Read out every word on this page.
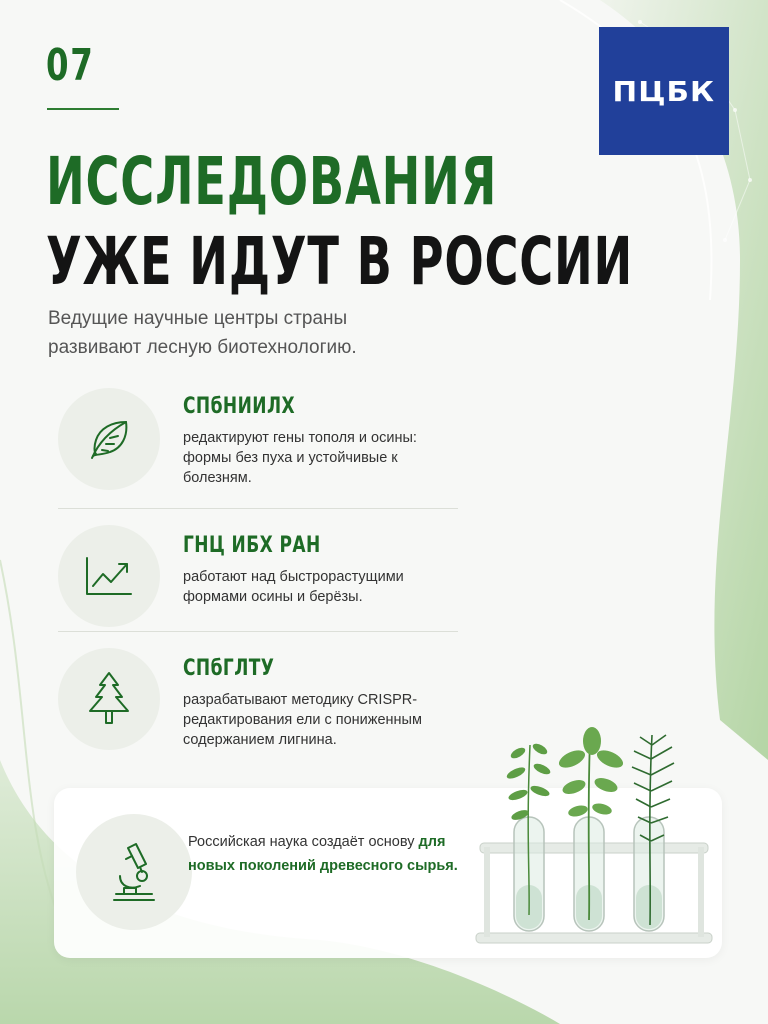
07	ПЦБК
ИССЛЕДОВАНИЯ
УЖЕ ИДУТ В РОССИИ
Ведущие научные центры страны
развивают лесную биотехнологию.
СПбНИИЛХ

редактируют гены тополя и осины: формы без пуха и устойчивые к болезням.

ГНЦ ИБХ РАН

работают над быстрорастущими формами осины и берёзы.

СПбГЛТУ

разрабатывают методику CRISPR-редактирования ели с пониженным содержанием лигнина.

Российская наука создаёт основу для новых поколений древесного сырья.
